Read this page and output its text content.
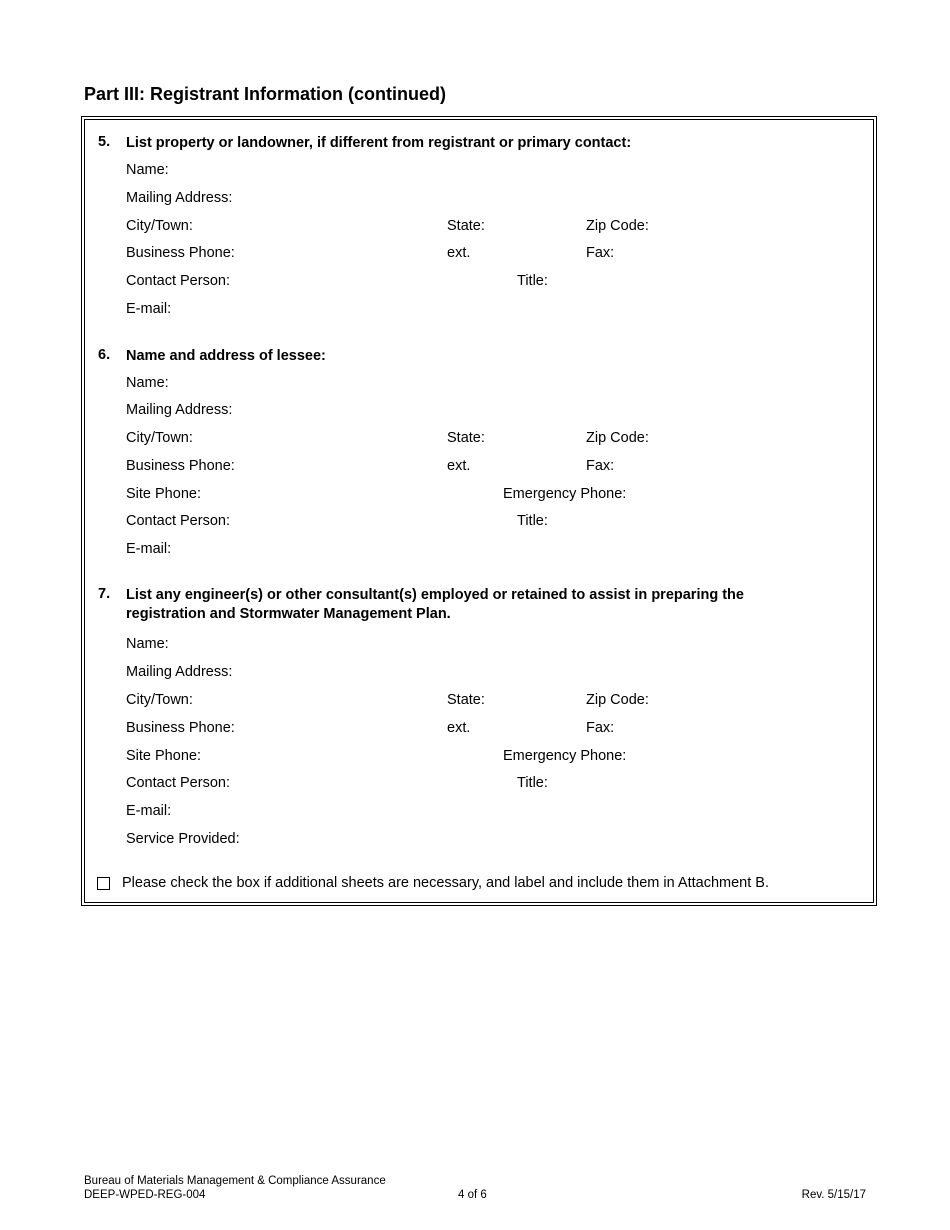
Part III: Registrant Information (continued)
5. List property or landowner, if different from registrant or primary contact:
Name:
Mailing Address:
City/Town:	State:	Zip Code:
Business Phone:	ext.	Fax:
Contact Person:	Title:
E-mail:
6. Name and address of lessee:
Name:
Mailing Address:
City/Town:	State:	Zip Code:
Business Phone:	ext.	Fax:
Site Phone:	Emergency Phone:
Contact Person:	Title:
E-mail:
7. List any engineer(s) or other consultant(s) employed or retained to assist in preparing the registration and Stormwater Management Plan.
Name:
Mailing Address:
City/Town:	State:	Zip Code:
Business Phone:	ext.	Fax:
Site Phone:	Emergency Phone:
Contact Person:	Title:
E-mail:
Service Provided:
Please check the box if additional sheets are necessary, and label and include them in Attachment B.
Bureau of Materials Management & Compliance Assurance
DEEP-WPED-REG-004	4 of 6	Rev. 5/15/17
